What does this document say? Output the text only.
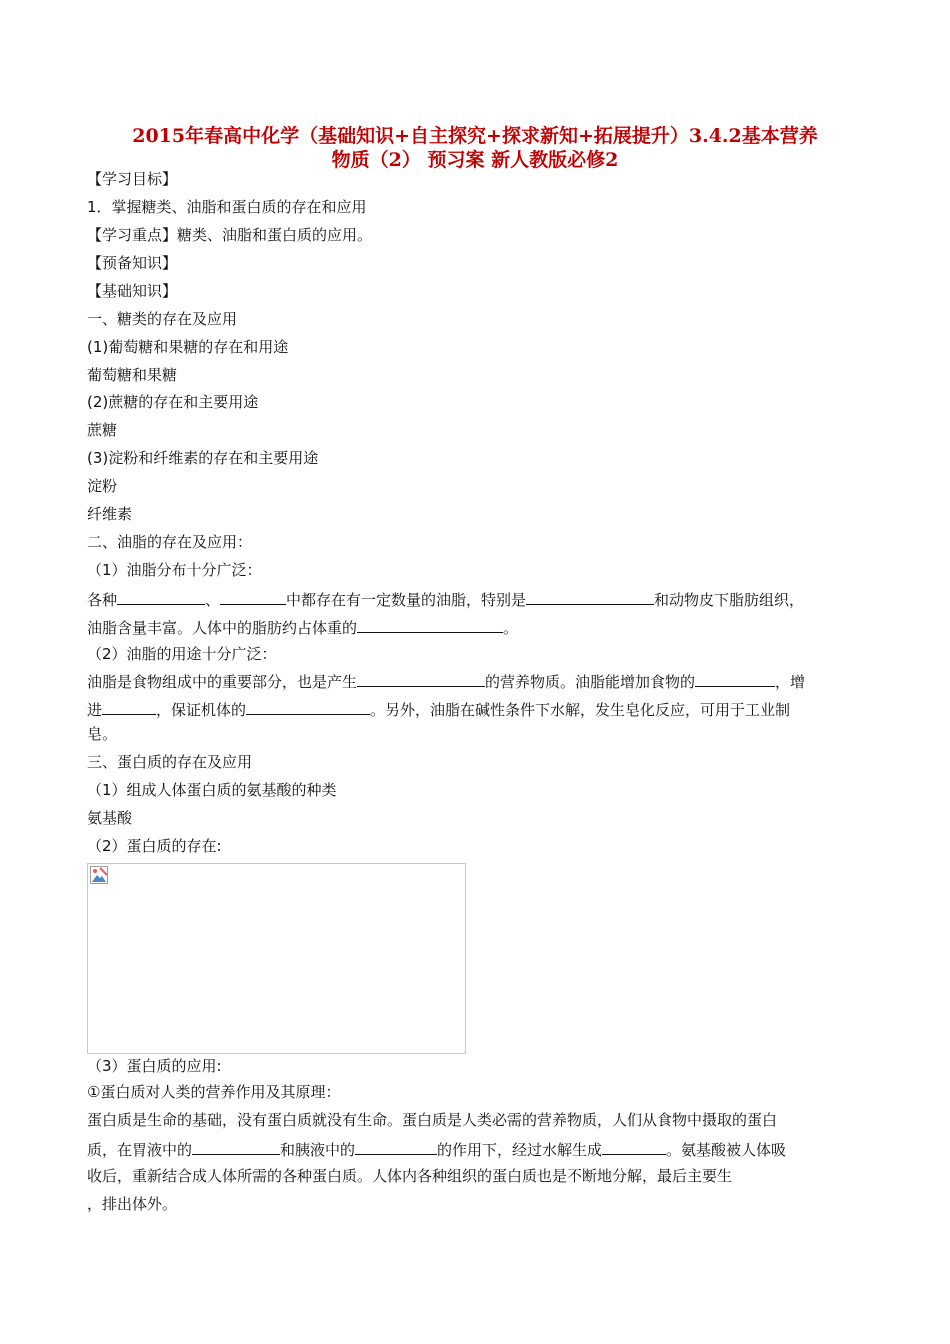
2015年春高中化学（基础知识+自主探究+探求新知+拓展提升）3.4.2基本营养
物质（2） 预习案 新人教版必修2
【学习目标】
1．掌握糖类、油脂和蛋白质的存在和应用
【学习重点】糖类、油脂和蛋白质的应用。
【预备知识】
【基础知识】
一、糖类的存在及应用
(1)葡萄糖和果糖的存在和用途
葡萄糖和果糖
(2)蔗糖的存在和主要用途
蔗糖
(3)淀粉和纤维素的存在和主要用途
淀粉
纤维素
二、油脂的存在及应用：
（1）油脂分布十分广泛：
各种	、	中都存在有一定数量的油脂，特别是	和动物皮下脂肪组织，
油脂含量丰富。人体中的脂肪约占体重的	。
（2）油脂的用途十分广泛：
油脂是食物组成中的重要部分，也是产生	的营养物质。油脂能增加食物的	，增
进	，保证机体的	。另外，油脂在碱性条件下水解，发生皂化反应，可用于工业制
皂。
三、蛋白质的存在及应用
（1）组成人体蛋白质的氨基酸的种类
氨基酸
（2）蛋白质的存在:
（3）蛋白质的应用:
①蛋白质对人类的营养作用及其原理：
蛋白质是生命的基础，没有蛋白质就没有生命。蛋白质是人类必需的营养物质，人们从食物中摄取的蛋白
质，在胃液中的	和胰液中的	的作用下，经过水解生成	。氨基酸被人体吸
收后，重新结合成人体所需的各种蛋白质。人体内各种组织的蛋白质也是不断地分解，最后主要生
，排出体外。
